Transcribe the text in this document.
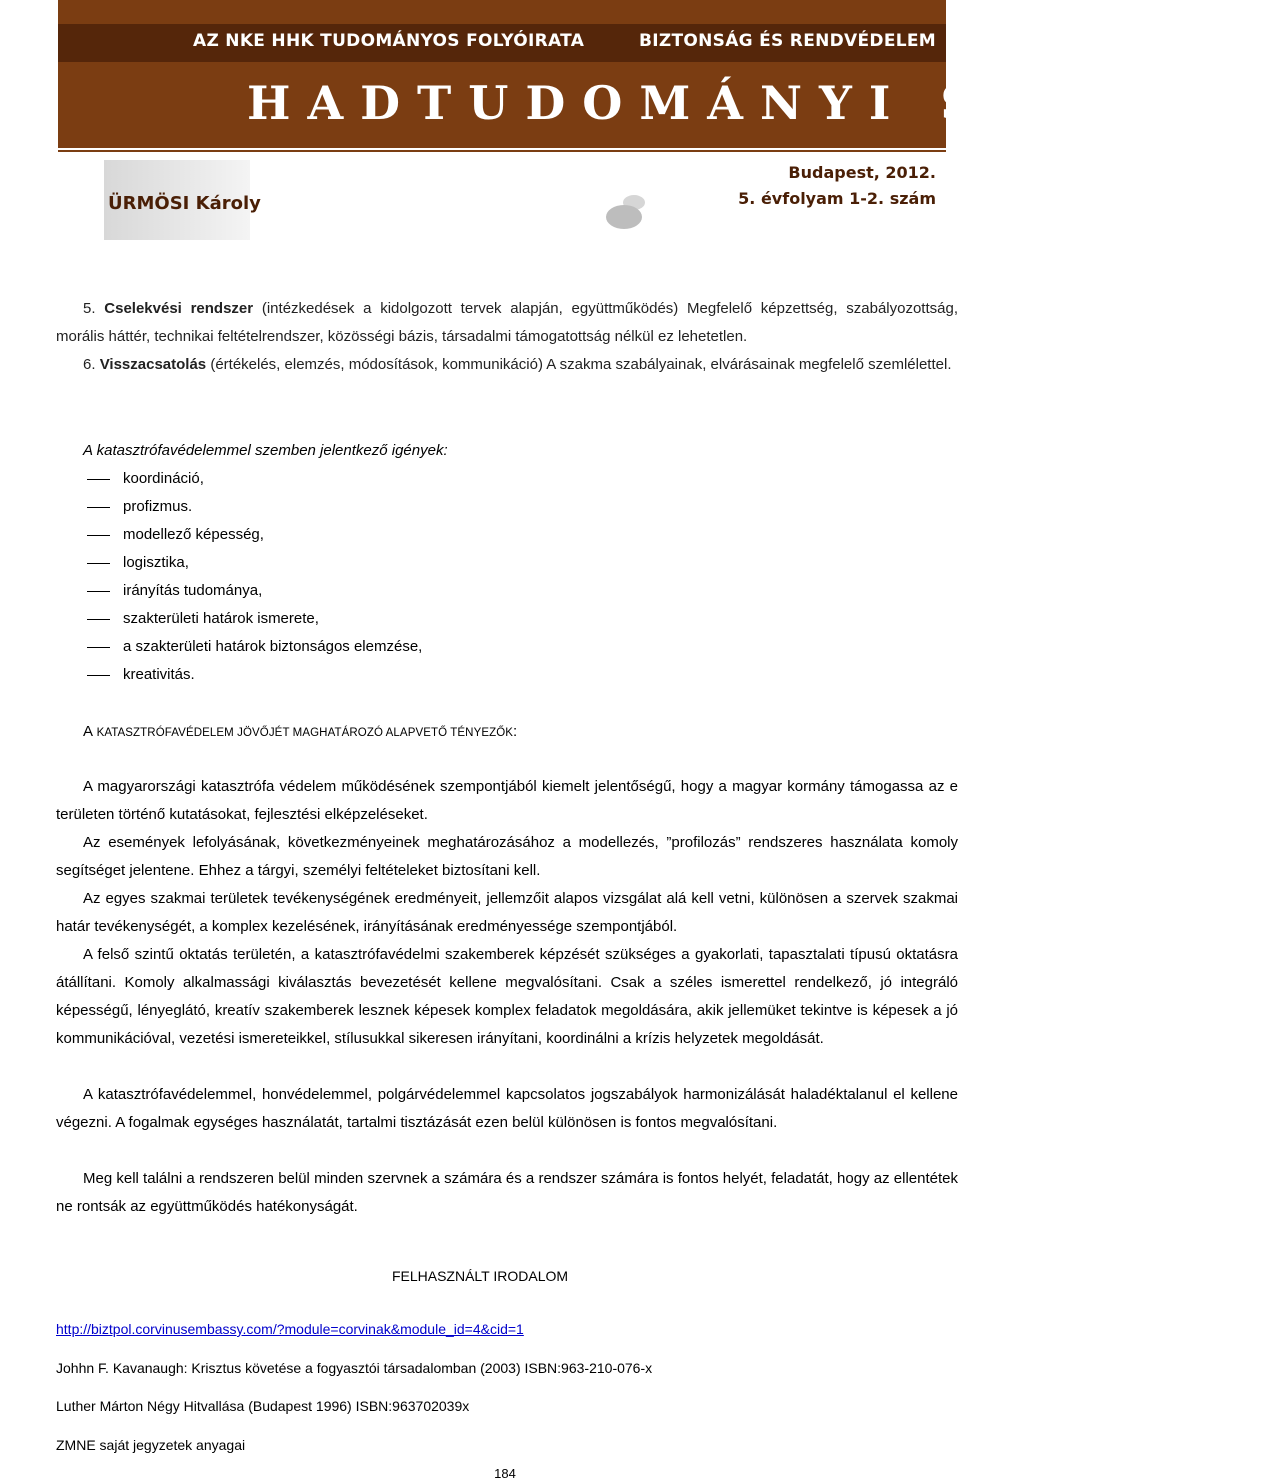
AZ NKE HHK TUDOMÁNYOS FOLYÓIRATA	BIZTONSÁG ÉS RENDVÉDELEM
HADTUDOMÁNYI SZEMLE
ÜRMÖSI Károly
Budapest, 2012.
5. évfolyam 1-2. szám

5. Cselekvési rendszer (intézkedések a kidolgozott tervek alapján, együttműködés) Megfelelő képzettség, szabályozottság, morális háttér, technikai feltételrendszer, közösségi bázis, társadalmi támogatottság nélkül ez lehetetlen.

6. Visszacsatolás (értékelés, elemzés, módosítások, kommunikáció) A szakma szabályainak, elvárásainak megfelelő szemlélettel.

A katasztrófavédelemmel szemben jelentkező igények:

koordináció,
profizmus.
modellező képesség,
logisztika,
irányítás tudománya,
szakterületi határok ismerete,
a szakterületi határok biztonságos elemzése,
kreativitás.
A KATASZTRÓFAVÉDELEM JÖVŐJÉT MAGHATÁROZÓ ALAPVETŐ TÉNYEZŐK:

A magyarországi katasztrófa védelem működésének szempontjából kiemelt jelentőségű, hogy a magyar kormány támogassa az e területen történő kutatásokat, fejlesztési elképzeléseket.

Az események lefolyásának, következményeinek meghatározásához a modellezés, ”profilozás” rendszeres használata komoly segítséget jelentene. Ehhez a tárgyi, személyi feltételeket biztosítani kell.

Az egyes szakmai területek tevékenységének eredményeit, jellemzőit alapos vizsgálat alá kell vetni, különösen a szervek szakmai határ tevékenységét, a komplex kezelésének, irányításának eredményessége szempontjából.

A felső szintű oktatás területén, a katasztrófavédelmi szakemberek képzését szükséges a gyakorlati, tapasztalati típusú oktatásra átállítani. Komoly alkalmassági kiválasztás bevezetését kellene megvalósítani. Csak a széles ismerettel rendelkező, jó integráló képességű, lényeglátó, kreatív szakemberek lesznek képesek komplex feladatok megoldására, akik jellemüket tekintve is képesek a jó kommunikációval, vezetési ismereteikkel, stílusukkal sikeresen irányítani, koordinálni a krízis helyzetek megoldását.

A katasztrófavédelemmel, honvédelemmel, polgárvédelemmel kapcsolatos jogszabályok harmonizálását haladéktalanul el kellene végezni. A fogalmak egységes használatát, tartalmi tisztázását ezen belül különösen is fontos megvalósítani.

Meg kell találni a rendszeren belül minden szervnek a számára és a rendszer számára is fontos helyét, feladatát, hogy az ellentétek ne rontsák az együttműködés hatékonyságát.

FELHASZNÁLT IRODALOM

http://biztpol.corvinusembassy.com/?module=corvinak&module_id=4&cid=1

Johhn F. Kavanaugh: Krisztus követése a fogyasztói társadalomban (2003) ISBN:963-210-076-x

Luther Márton Négy Hitvallása (Budapest 1996) ISBN:963702039x

ZMNE saját jegyzetek anyagai

184
